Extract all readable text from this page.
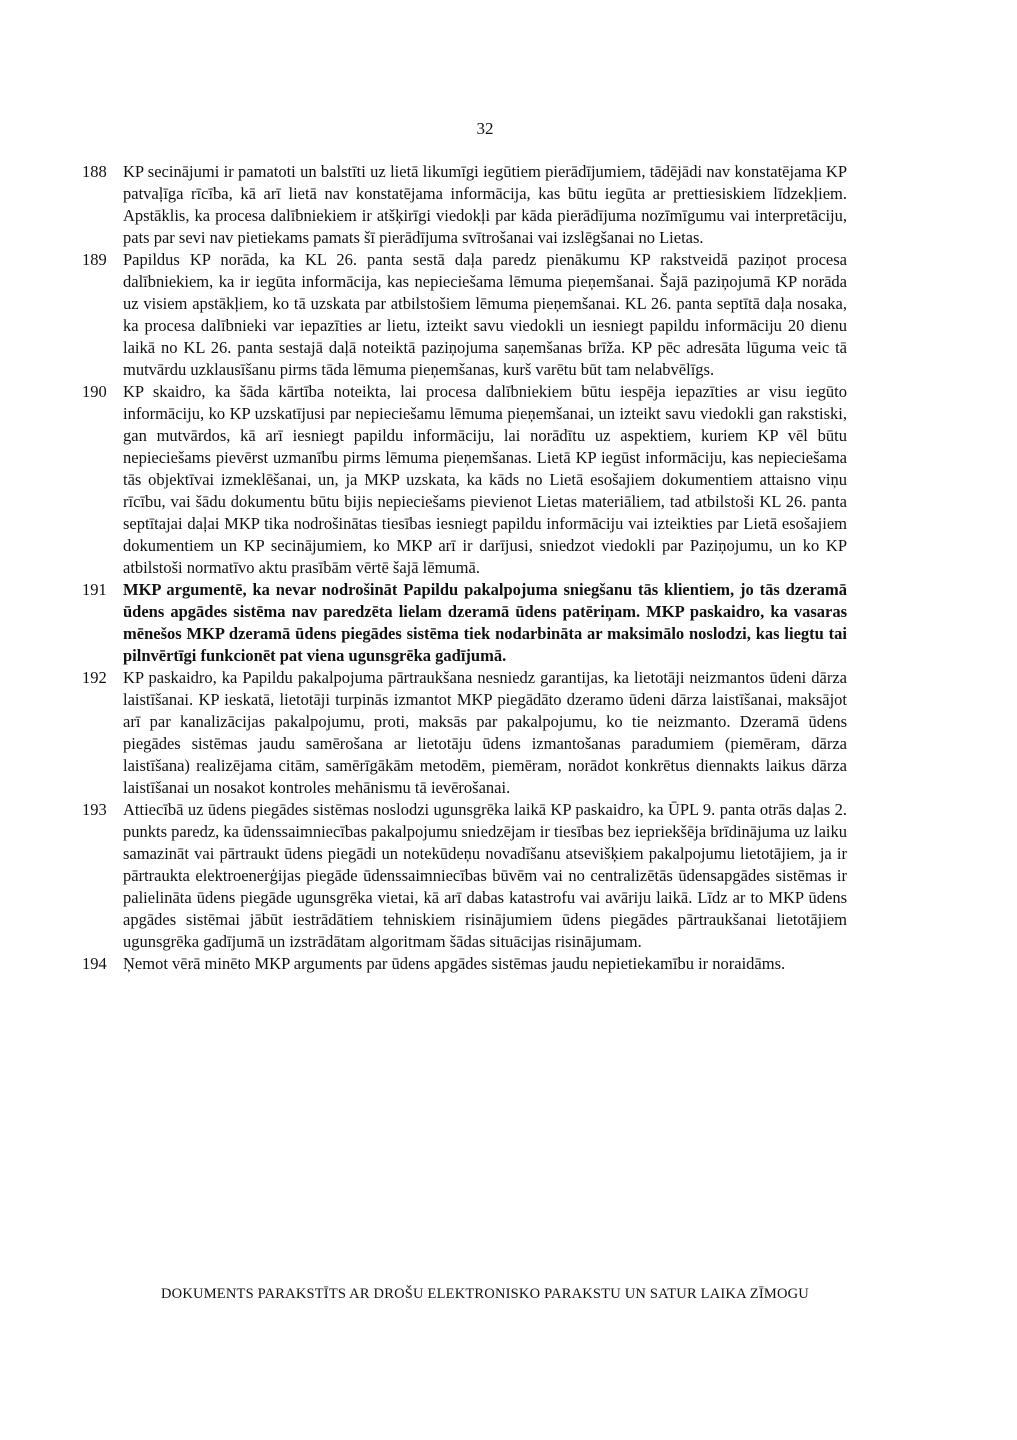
32
188 KP secinājumi ir pamatoti un balstīti uz lietā likumīgi iegūtiem pierādījumiem, tādējādi nav konstatējama KP patvaļīga rīcība, kā arī lietā nav konstatējama informācija, kas būtu iegūta ar prettiesiskiem līdzekļiem. Apstāklis, ka procesa dalībniekiem ir atšķirīgi viedokļi par kāda pierādījuma nozīmīgumu vai interpretāciju, pats par sevi nav pietiekams pamats šī pierādījuma svītrošanai vai izslēgšanai no Lietas.
189 Papildus KP norāda, ka KL 26. panta sestā daļa paredz pienākumu KP rakstveidā paziņot procesa dalībniekiem, ka ir iegūta informācija, kas nepieciešama lēmuma pieņemšanai. Šajā paziņojumā KP norāda uz visiem apstākļiem, ko tā uzskata par atbilstošiem lēmuma pieņemšanai. KL 26. panta septītā daļa nosaka, ka procesa dalībnieki var iepazīties ar lietu, izteikt savu viedokli un iesniegt papildu informāciju 20 dienu laikā no KL 26. panta sestajā daļā noteiktā paziņojuma saņemšanas brīža. KP pēc adresāta lūguma veic tā mutvārdu uzklausīšanu pirms tāda lēmuma pieņemšanas, kurš varētu būt tam nelabvēlīgs.
190 KP skaidro, ka šāda kārtība noteikta, lai procesa dalībniekiem būtu iespēja iepazīties ar visu iegūto informāciju, ko KP uzskatījusi par nepieciešamu lēmuma pieņemšanai, un izteikt savu viedokli gan rakstiski, gan mutvārdos, kā arī iesniegt papildu informāciju, lai norādītu uz aspektiem, kuriem KP vēl būtu nepieciešams pievērst uzmanību pirms lēmuma pieņemšanas. Lietā KP iegūst informāciju, kas nepieciešama tās objektīvai izmeklēšanai, un, ja MKP uzskata, ka kāds no Lietā esošajiem dokumentiem attaisno viņu rīcību, vai šādu dokumentu būtu bijis nepieciešams pievienot Lietas materiāliem, tad atbilstoši KL 26. panta septītajai daļai MKP tika nodrošinātas tiesības iesniegt papildu informāciju vai izteikties par Lietā esošajiem dokumentiem un KP secinājumiem, ko MKP arī ir darījusi, sniedzot viedokli par Paziņojumu, un ko KP atbilstoši normatīvo aktu prasībām vērtē šajā lēmumā.
191 MKP argumentē, ka nevar nodrošināt Papildu pakalpojuma sniegšanu tās klientiem, jo tās dzeramā ūdens apgādes sistēma nav paredzēta lielam dzeramā ūdens patēriņam. MKP paskaidro, ka vasaras mēnešos MKP dzeramā ūdens piegādes sistēma tiek nodarbināta ar maksimālo noslodzi, kas liegtu tai pilnvērtīgi funkcionēt pat viena ugunsgrēka gadījumā.
192 KP paskaidro, ka Papildu pakalpojuma pārtraukšana nesniedz garantijas, ka lietotāji neizmantos ūdeni dārza laistīšanai. KP ieskatā, lietotāji turpinās izmantot MKP piegādāto dzeramo ūdeni dārza laistīšanai, maksājot arī par kanalizācijas pakalpojumu, proti, maksās par pakalpojumu, ko tie neizmanto. Dzeramā ūdens piegādes sistēmas jaudu samērošana ar lietotāju ūdens izmantošanas paradumiem (piemēram, dārza laistīšana) realizējama citām, samērīgākām metodēm, piemēram, norādot konkrētus diennakts laikus dārza laistīšanai un nosakot kontroles mehānismu tā ievērošanai.
193 Attiecībā uz ūdens piegādes sistēmas noslodzi ugunsgrēka laikā KP paskaidro, ka ŪPL 9. panta otrās daļas 2. punkts paredz, ka ūdenssaimniecības pakalpojumu sniedzējam ir tiesības bez iepriekšēja brīdinājuma uz laiku samazināt vai pārtraukt ūdens piegādi un notekūdeņu novadīšanu atsevišķiem pakalpojumu lietotājiem, ja ir pārtraukta elektroenerģijas piegāde ūdenssaimniecības būvēm vai no centralizētās ūdensapgādes sistēmas ir palielināta ūdens piegāde ugunsgrēka vietai, kā arī dabas katastrofu vai avāriju laikā. Līdz ar to MKP ūdens apgādes sistēmai jābūt iestrādātiem tehniskiem risinājumiem ūdens piegādes pārtraukšanai lietotājiem ugunsgrēka gadījumā un izstrādātam algoritmam šādas situācijas risinājumam.
194 Ņemot vērā minēto MKP arguments par ūdens apgādes sistēmas jaudu nepietiekamību ir noraidāms.
DOKUMENTS PARAKSTĪTS AR DROŠU ELEKTRONISKO PARAKSTU UN SATUR LAIKA ZĪMOGU
